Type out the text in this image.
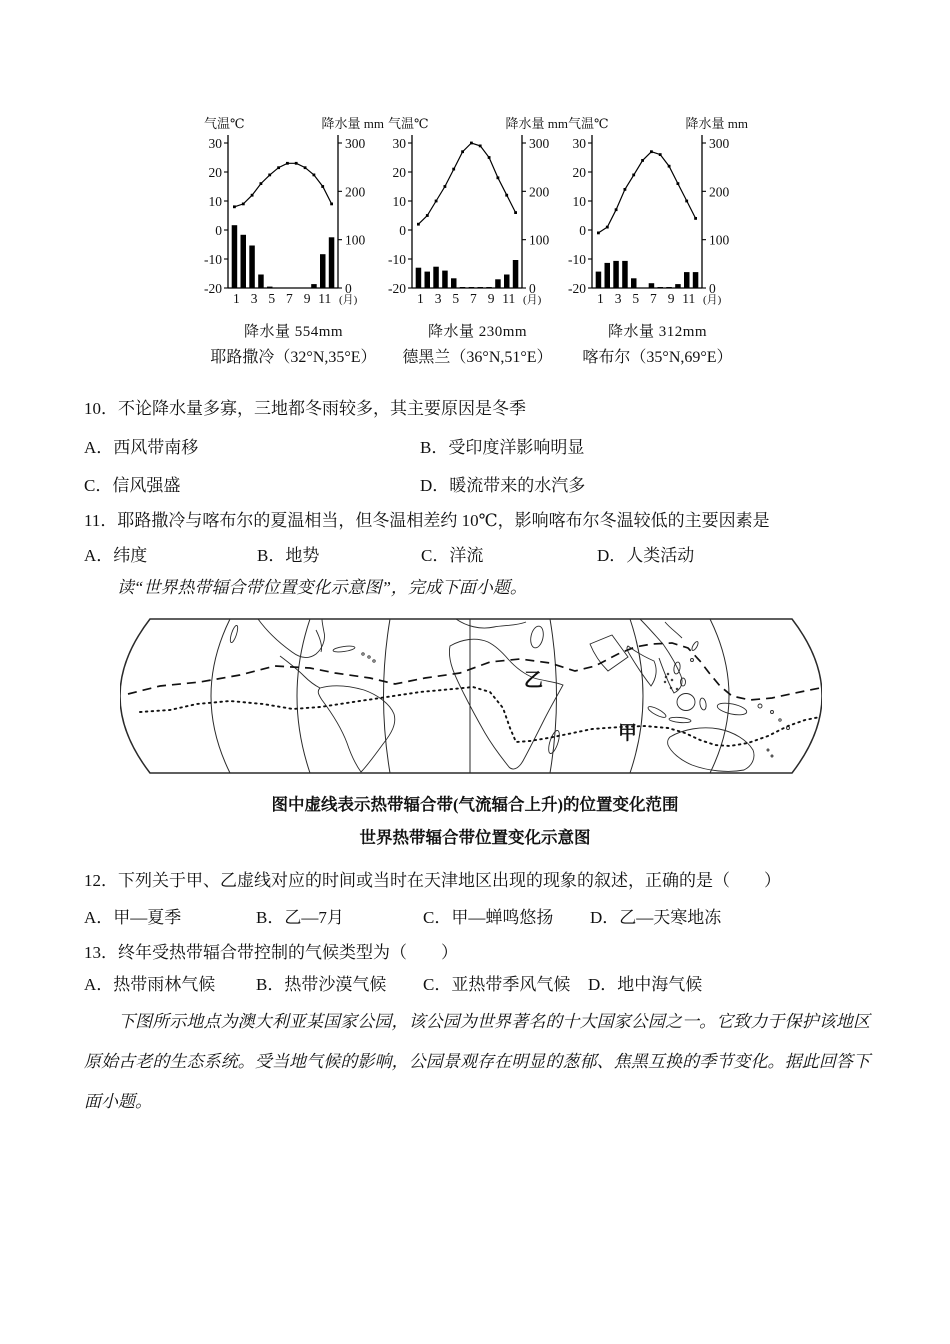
30
20
10
0
-10
-20
300
200
100
0
1 3 5 7 9 11 (月)
气温℃	降水量 mm
降水量 554mm
耶路撒冷（32°N,35°E）
30
20
10
0
-10
-20
300
200
100
0
1 3 5 7 9 11 (月)
气温℃	降水量 mm
降水量 230mm
德黑兰（36°N,51°E）
30
20
10
0
-10
-20
300
200
100
0
1 3 5 7 9 11 (月)
气温℃	降水量 mm
降水量 312mm
喀布尔（35°N,69°E）
10．不论降水量多寡，三地都冬雨较多，其主要原因是冬季
A．西风带南移	B．受印度洋影响明显
C．信风强盛	D．暖流带来的水汽多
11．耶路撒冷与喀布尔的夏温相当，但冬温相差约 10℃，影响喀布尔冬温较低的主要因素是
A．纬度	B．地势	C．洋流	D．人类活动
读“世界热带辐合带位置变化示意图”，完成下面小题。
乙
甲
图中虚线表示热带辐合带(气流辐合上升)的位置变化范围
世界热带辐合带位置变化示意图
12．下列关于甲、乙虚线对应的时间或当时在天津地区出现的现象的叙述，正确的是（　　）
A．甲—夏季	B．乙—7月	C．甲—蝉鸣悠扬 D．乙—天寒地冻
13．终年受热带辐合带控制的气候类型为（　　）
A．热带雨林气候 B．热带沙漠气候 C．亚热带季风气候 D．地中海气候
下图所示地点为澳大利亚某国家公园，该公园为世界著名的十大国家公园之一。它致力于保护该地区
原始古老的生态系统。受当地气候的影响，公园景观存在明显的葱郁、焦黑互换的季节变化。据此回答下
面小题。
